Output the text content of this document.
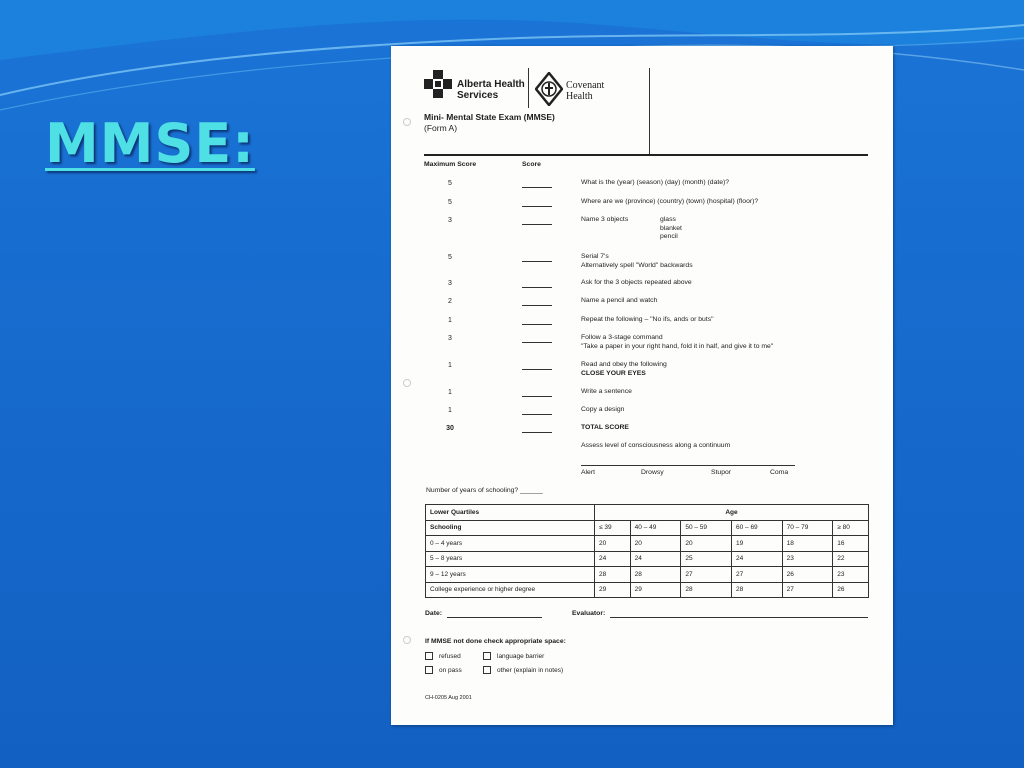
MMSE:
Alberta Health
Services
Covenant
Health
Mini- Mental State Exam (MMSE)
(Form A)
Maximum Score	Score
5	What is the (year) (season) (day) (month) (date)?
5	Where are we (province) (country) (town) (hospital) (floor)?
3	Name 3 objects	glass
blanket
pencil
5	Serial 7's
Alternatively spell "World" backwards
3	Ask for the 3 objects repeated above
2	Name a pencil and watch
1	Repeat the following – "No ifs, ands or buts"
3	Follow a 3-stage command
"Take a paper in your right hand, fold it in half, and give it to me"
1	Read and obey the following
CLOSE YOUR EYES
1	Write a sentence
1	Copy a design
30	TOTAL SCORE
Assess level of consciousness along a continuum
Alert	Drowsy	Stupor	Coma
Number of years of schooling? ______
Lower Quartiles	Age					
Schooling	≤ 39	40 – 49	50 – 59	60 – 69	70 – 79	≥ 80
0 – 4 years	20	20	20	19	18	16
5 – 8 years	24	24	25	24	23	22
9 – 12 years	28	28	27	27	26	23
College experience or higher degree	29	29	28	28	27	26
Date:	Evaluator:
If MMSE not done check appropriate space:
refused	language barrier
on pass	other (explain in notes)
CH-0205 Aug 2001
